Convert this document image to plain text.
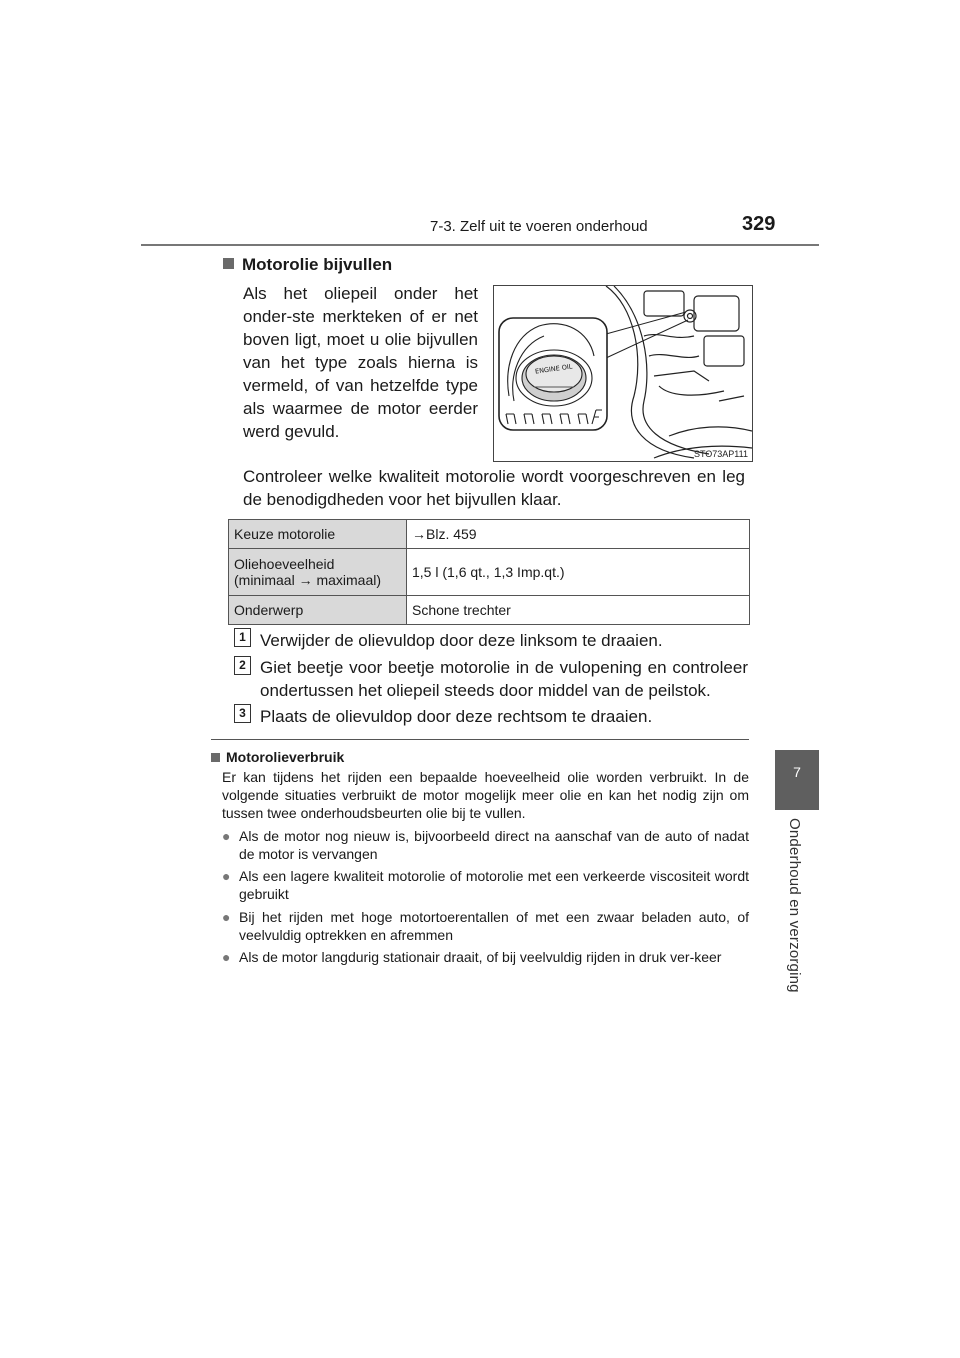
7-3. Zelf uit te voeren onderhoud	329
7
Onderhoud en verzorging
Motorolie bijvullen

Als het oliepeil onder het onder-ste merkteken of er net boven ligt, moet u olie bijvullen van het type zoals hierna is vermeld, of van hetzelfde type als waarmee de motor eerder werd gevuld.

ENGINE OIL
STO73AP111

Controleer welke kwaliteit motorolie wordt voorgeschreven en leg de benodigdheden voor het bijvullen klaar.

Keuze motorolie	→Blz. 459
Oliehoeveelheid
(minimaal → maximaal)	1,5 l (1,6 qt., 1,3 Imp.qt.)
Onderwerp	Schone trechter
1 Verwijder de olievuldop door deze linksom te draaien.

2 Giet beetje voor beetje motorolie in de vulopening en controleer ondertussen het oliepeil steeds door middel van de peilstok.

3 Plaats de olievuldop door deze rechtsom te draaien.

Motorolieverbruik

Er kan tijdens het rijden een bepaalde hoeveelheid olie worden verbruikt. In de volgende situaties verbruikt de motor mogelijk meer olie en kan het nodig zijn om tussen twee onderhoudsbeurten olie bij te vullen.

● Als de motor nog nieuw is, bijvoorbeeld direct na aanschaf van de auto of nadat de motor is vervangen
● Als een lagere kwaliteit motorolie of motorolie met een verkeerde viscositeit wordt gebruikt
● Bij het rijden met hoge motortoerentallen of met een zwaar beladen auto, of veelvuldig optrekken en afremmen
● Als de motor langdurig stationair draait, of bij veelvuldig rijden in druk ver-keer
